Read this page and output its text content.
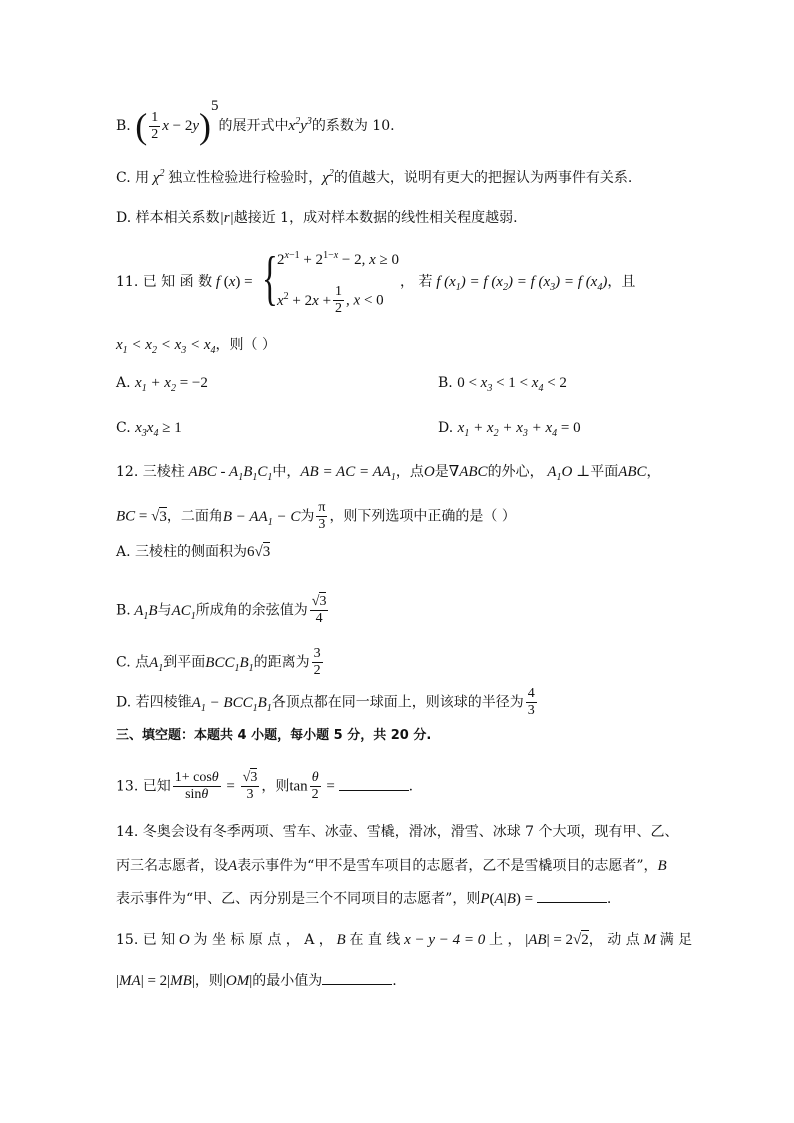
B. ( $\frac{1}{2}$ x − 2y)$^5$的展开式中$x^2y^3$的系数为 10.
C. 用 $\chi^2$ 独立性检验进行检验时，$\chi^2$的值越大，说明有更大的把握认为两事件有关系.
D. 样本相关系数|r|越接近 1，成对样本数据的线性相关程度越弱.
11. 已 知 函 数 f (x) = { $2^{x-1} + 2^{1-x} - 2$, x ≥ 0
$x^2 + 2x + \frac{1}{2}$ , x < 0
， 若 f $(x_1) = f$ $(x_2) = f$ $(x_3) = f$ $(x_4)$，且
$x_1 < x_2 < x_3 < x_4$，则（ ）
A. $x_1 + x_2 = -2$	B. $0 < x_3 < 1 < x_4 < 2$
C. $x_3x_4 \ge 1$	D. $x_1 + x_2 + x_3 + x_4 = 0$
12. 三棱柱 ABC - $A_1B_1C_1$中，AB = AC = $AA_1$，点O是∇ABC的外心， $A_1O$ ⊥平面ABC，
BC = √3，二面角$B - AA_1 - C$为 $\frac{\pi}{3}$ ，则下列选项中正确的是（ ）
A. 三棱柱的侧面积为6√3
B. $A_1B$与$AC_1$所成角的余弦值为 $\frac{√3}{4}$
C. 点$A_1$到平面$BCC_1B_1$的距离为 $\frac{3}{2}$
D. 若四棱锥$A_1 - BCC_1B_1$各顶点都在同一球面上，则该球的半径为 $\frac{4}{3}$
三、填空题：本题共 4 小题，每小题 5 分，共 20 分.
13. 已知 $\frac{1+ \cos\theta}{\sin\theta} = \frac{√3}{3}$ ，则$\tan \frac{\theta}{2}$ =	.
14. 冬奥会设有冬季两项、雪车、冰壶、雪橇，滑冰，滑雪、冰球 7 个大项，现有甲、乙、
丙三名志愿者，设A表示事件为“甲不是雪车项目的志愿者，乙不是雪橇项目的志愿者”，B
表示事件为“甲、乙、丙分别是三个不同项目的志愿者”，则P(A|B) =	.
15. 已 知 O 为 坐 标 原 点 ， A ， B 在 直 线 x − y − 4 = 0 上 ， |AB| = 2√2， 动 点 M 满 足
|MA| = 2|MB|，则|OM|的最小值为	.
